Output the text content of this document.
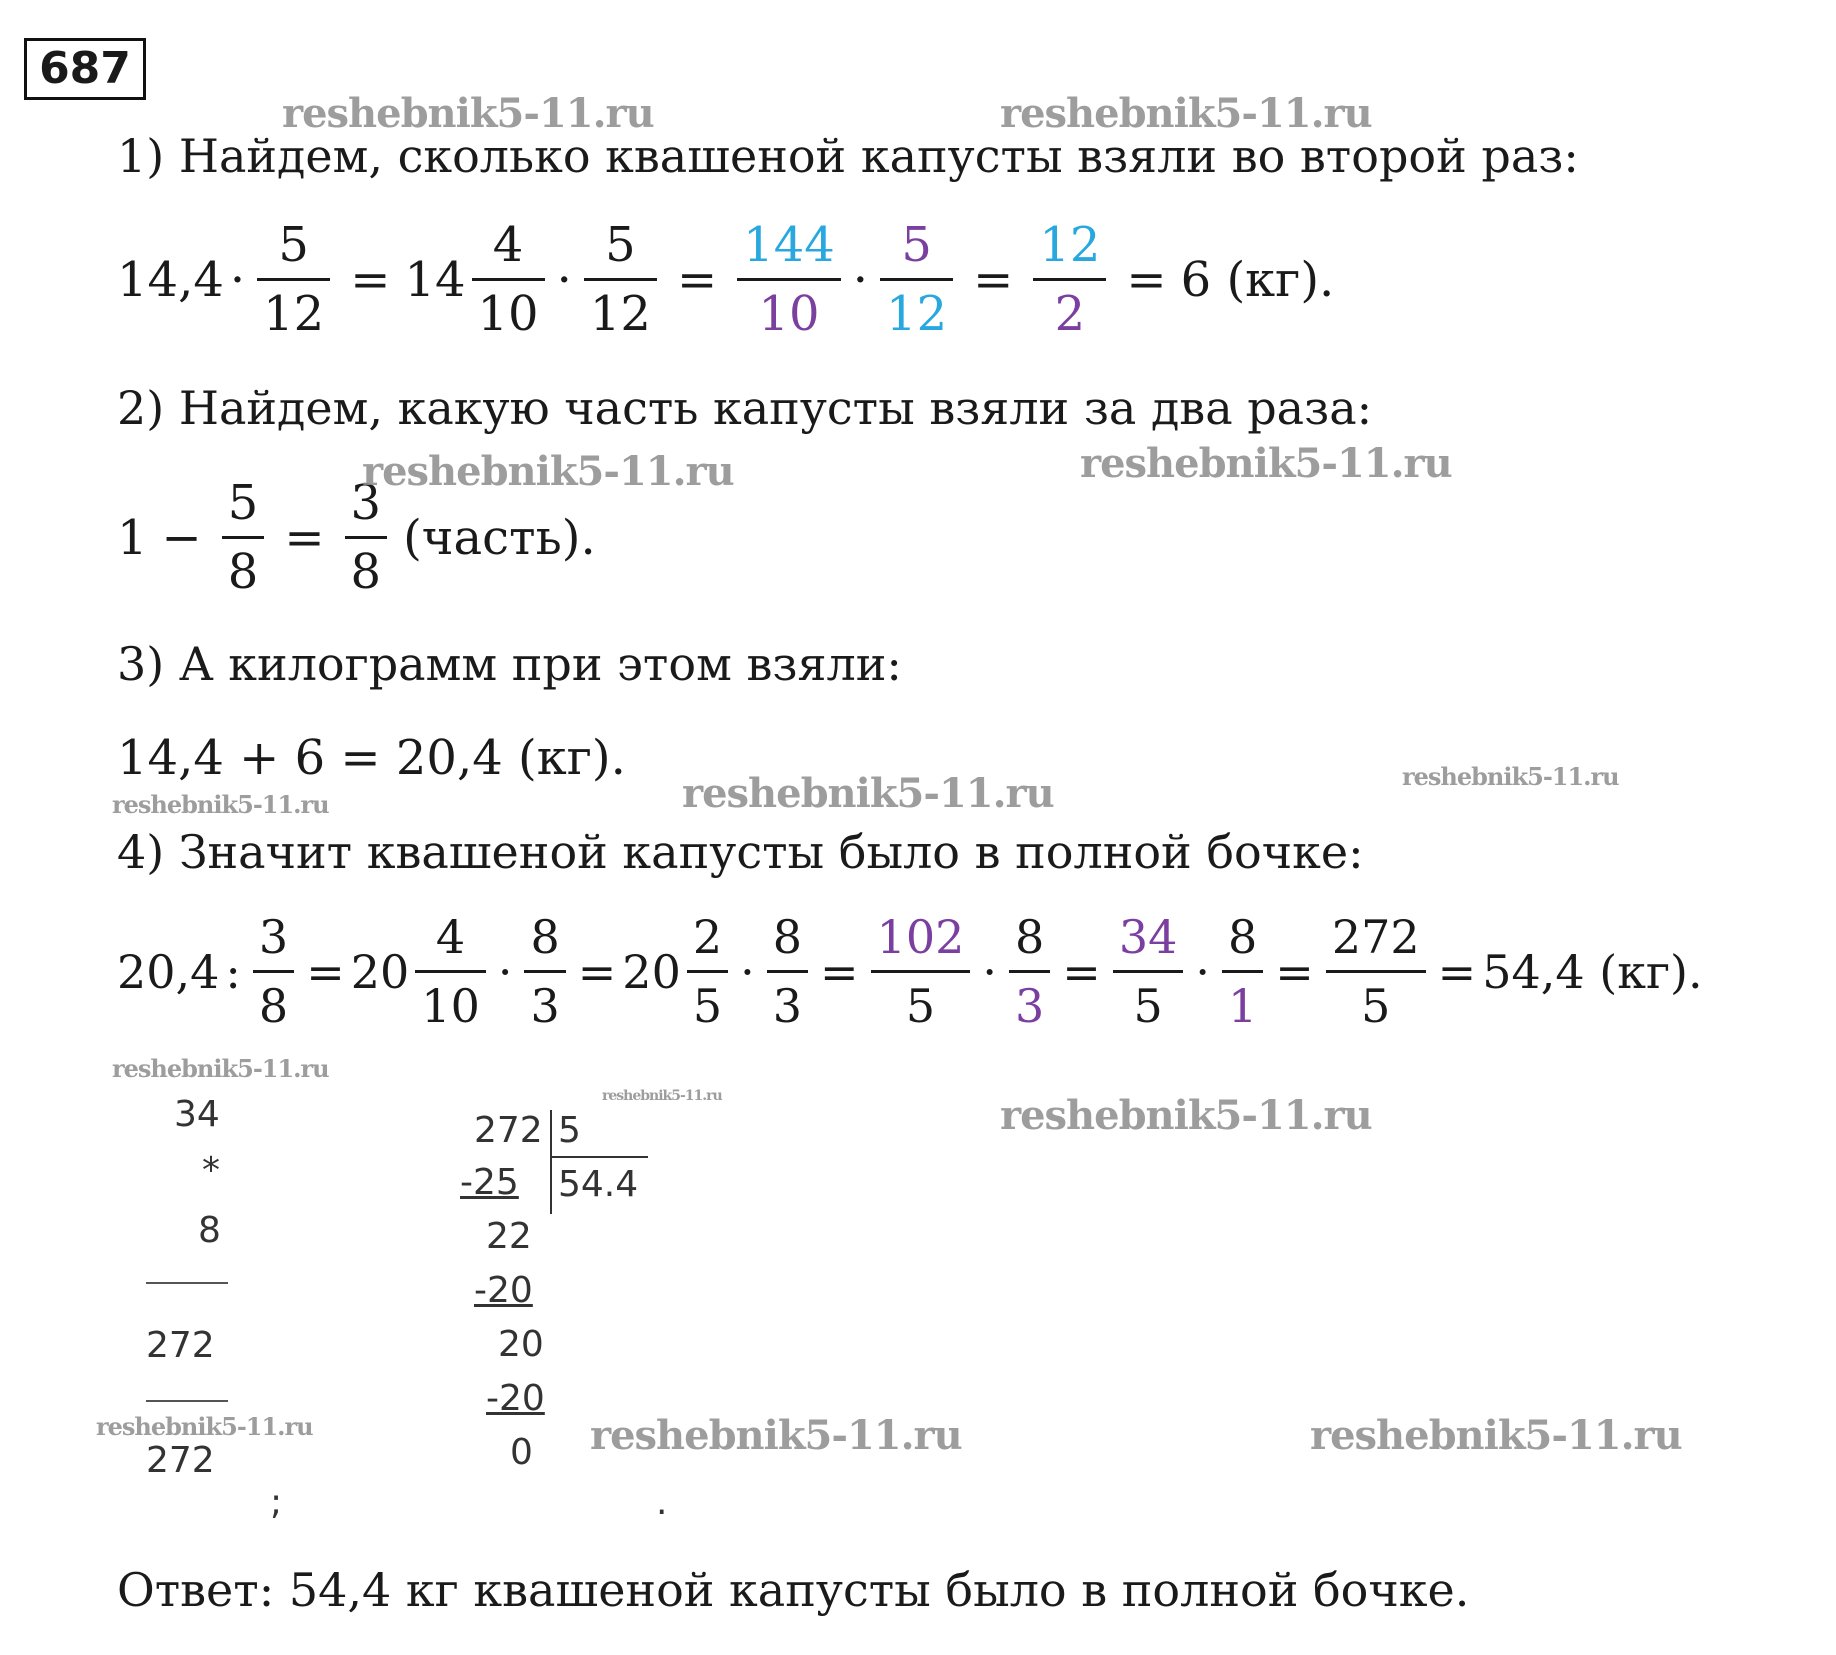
687
1) Найдем, сколько квашеной капусты взяли во второй раз:
$14,4 \cdot \frac{5}{12} = 14 \frac{4}{10} \cdot \frac{5}{12} = \frac{144}{10} \cdot \frac{5}{12} = \frac{12}{2} = 6$ (кг).
2) Найдем, какую часть капусты взяли за два раза:
$1 - \frac{5}{8} = \frac{3}{8}$ (часть).
3) А килограмм при этом взяли:
14,4 + 6 = 20,4 (кг).
4) Значит квашеной капусты было в полной бочке:
20,4 : $\frac{3}{8} = 20 \frac{4}{10} \cdot \frac{8}{3} = 20 \frac{2}{5} \cdot \frac{8}{3} = \frac{102}{5} \cdot \frac{8}{3} = \frac{34}{5} \cdot \frac{8}{1} = \frac{272}{5} = 54,4$ (кг).
34
*
8
272
272
;
272 5
54.4
-25
22
-20
20
-20
0
.
Ответ: 54,4 кг квашеной капусты было в полной бочке.
reshebnik5-11.ru	reshebnik5-11.ru
reshebnik5-11.ru	reshebnik5-11.ru
reshebnik5-11.ru	reshebnik5-11.ru	reshebnik5-11.ru
reshebnik5-11.ru
reshebnik5-11.ru	reshebnik5-11.ru
reshebnik5-11.ru	reshebnik5-11.ru	reshebnik5-11.ru
